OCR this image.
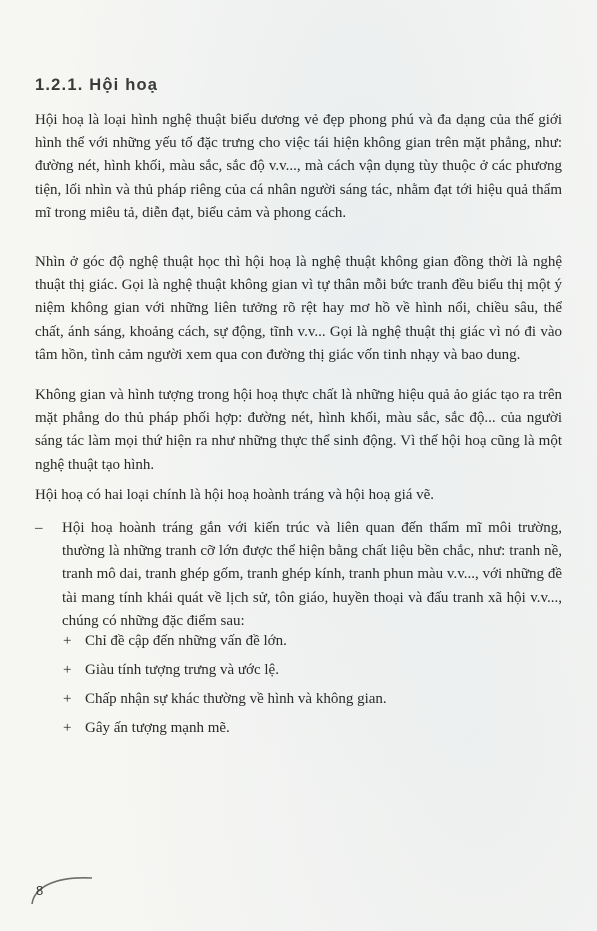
1.2.1. Hội hoạ

Hội hoạ là loại hình nghệ thuật biểu dương vẻ đẹp phong phú và đa dạng của thế giới hình thể với những yếu tố đặc trưng cho việc tái hiện không gian trên mặt phẳng, như: đường nét, hình khối, màu sắc, sắc độ v.v..., mà cách vận dụng tùy thuộc ở các phương tiện, lối nhìn và thủ pháp riêng của cá nhân người sáng tác, nhằm đạt tới hiệu quả thẩm mĩ trong miêu tả, diễn đạt, biểu cảm và phong cách.

Nhìn ở góc độ nghệ thuật học thì hội hoạ là nghệ thuật không gian đồng thời là nghệ thuật thị giác. Gọi là nghệ thuật không gian vì tự thân mỗi bức tranh đều biểu thị một ý niệm không gian với những liên tưởng rõ rệt hay mơ hồ về hình nổi, chiều sâu, thể chất, ánh sáng, khoảng cách, sự động, tĩnh v.v... Gọi là nghệ thuật thị giác vì nó đi vào tâm hồn, tình cảm người xem qua con đường thị giác vốn tinh nhạy và bao dung.

Không gian và hình tượng trong hội hoạ thực chất là những hiệu quả ảo giác tạo ra trên mặt phẳng do thủ pháp phối hợp: đường nét, hình khối, màu sắc, sắc độ... của người sáng tác làm mọi thứ hiện ra như những thực thể sinh động. Vì thế hội hoạ cũng là một nghệ thuật tạo hình.

Hội hoạ có hai loại chính là hội hoạ hoành tráng và hội hoạ giá vẽ.

– Hội hoạ hoành tráng gắn với kiến trúc và liên quan đến thẩm mĩ môi trường, thường là những tranh cỡ lớn được thể hiện bằng chất liệu bền chắc, như: tranh nề, tranh mô dai, tranh ghép gốm, tranh ghép kính, tranh phun màu v.v..., với những đề tài mang tính khái quát về lịch sử, tôn giáo, huyền thoại và đấu tranh xã hội v.v..., chúng có những đặc điểm sau:
+ Chỉ đề cập đến những vấn đề lớn.
+ Giàu tính tượng trưng và ước lệ.
+ Chấp nhận sự khác thường về hình và không gian.
+ Gây ấn tượng mạnh mẽ.
8
